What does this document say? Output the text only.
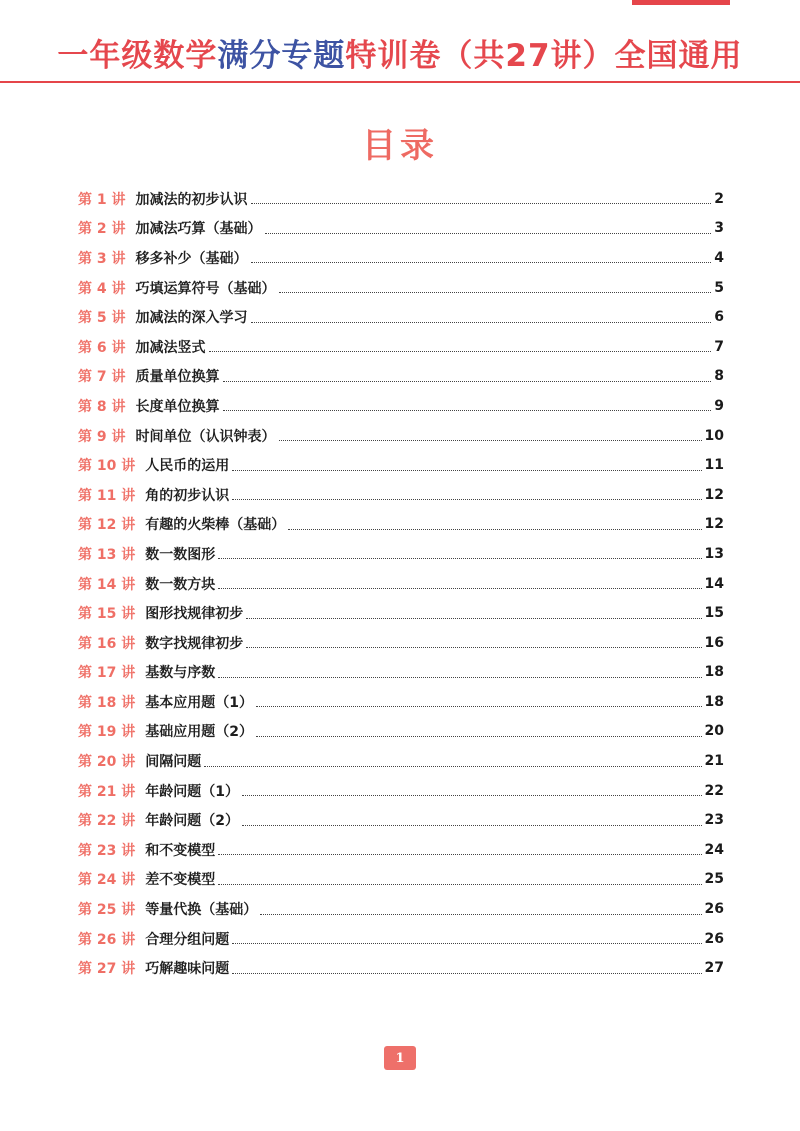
一年级数学满分专题特训卷（共27讲）全国通用
目录
第 1 讲 加减法的初步认识	2
第 2 讲 加减法巧算（基础）	3
第 3 讲 移多补少（基础）	4
第 4 讲 巧填运算符号（基础）	5
第 5 讲 加减法的深入学习	6
第 6 讲 加减法竖式	7
第 7 讲 质量单位换算	8
第 8 讲 长度单位换算	9
第 9 讲 时间单位（认识钟表）	10
第 10 讲 人民币的运用	11
第 11 讲 角的初步认识	12
第 12 讲 有趣的火柴棒（基础）	12
第 13 讲 数一数图形	13
第 14 讲 数一数方块	14
第 15 讲 图形找规律初步	15
第 16 讲 数字找规律初步	16
第 17 讲 基数与序数	18
第 18 讲 基本应用题（1）	18
第 19 讲 基础应用题（2）	20
第 20 讲 间隔问题	21
第 21 讲 年龄问题（1）	22
第 22 讲 年龄问题（2）	23
第 23 讲 和不变模型	24
第 24 讲 差不变模型	25
第 25 讲 等量代换（基础）	26
第 26 讲 合理分组问题	26
第 27 讲 巧解趣味问题	27
1
